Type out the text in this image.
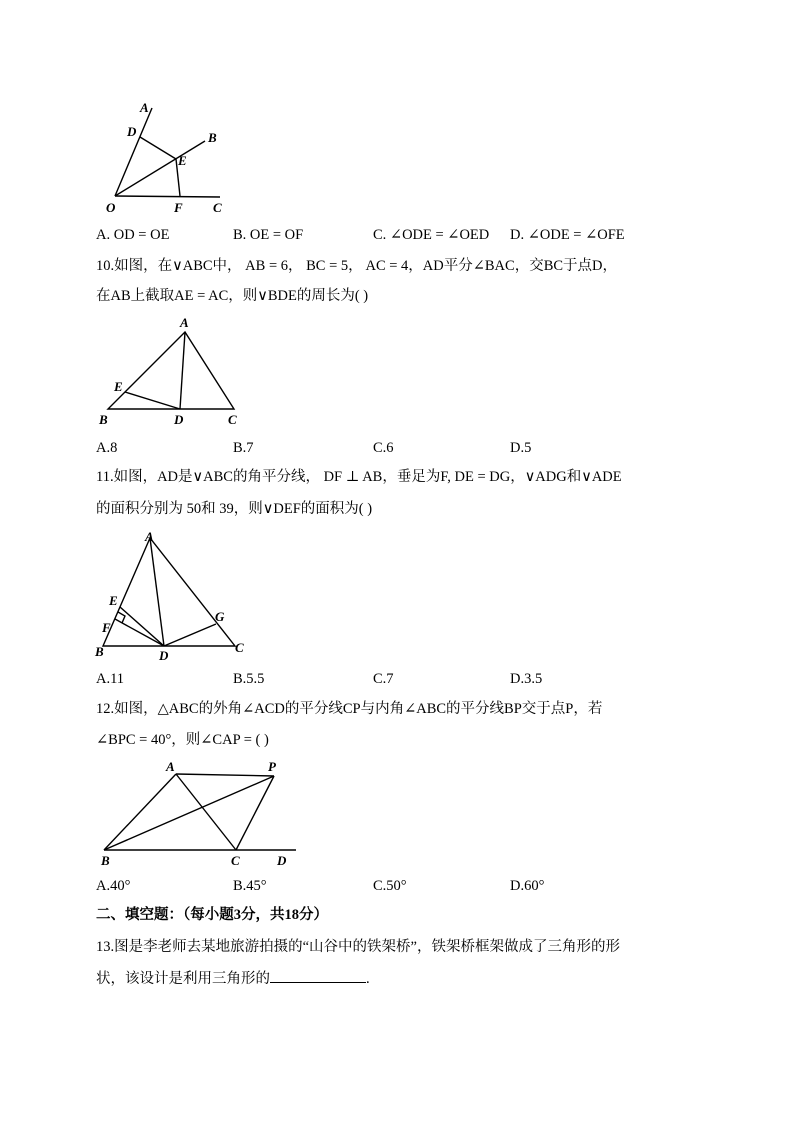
A
D	B
E
O	F C
A. OD = OE	B. OE = OF	C. ∠ODE = ∠OED D. ∠ODE = ∠OFE
10.如图，在∨ABC中， AB = 6， BC = 5， AC = 4，AD平分∠BAC，交BC于点D，
在AB上截取AE = AC，则∨BDE的周长为( )
A
E
B	D	C
A.8	B.7	C.6	D.5
11.如图，AD是∨ABC的角平分线， DF ⊥ AB，垂足为F, DE = DG，∨ADG和∨ADE
的面积分别为 50和 39，则∨DEF的面积为( )
A
E
F
G
B	D
C
A.11	B.5.5	C.7	D.3.5
12.如图，△ABC的外角∠ACD的平分线CP与内角∠ABC的平分线BP交于点P，若
∠BPC = 40°，则∠CAP = ( )
A	P
B	C	D
A.40°	B.45°	C.50°	D.60°
二、填空题：（每小题3分，共18分）
13.图是李老师去某地旅游拍摄的“山谷中的铁架桥”，铁架桥框架做成了三角形的形
状，该设计是利用三角形的	.
